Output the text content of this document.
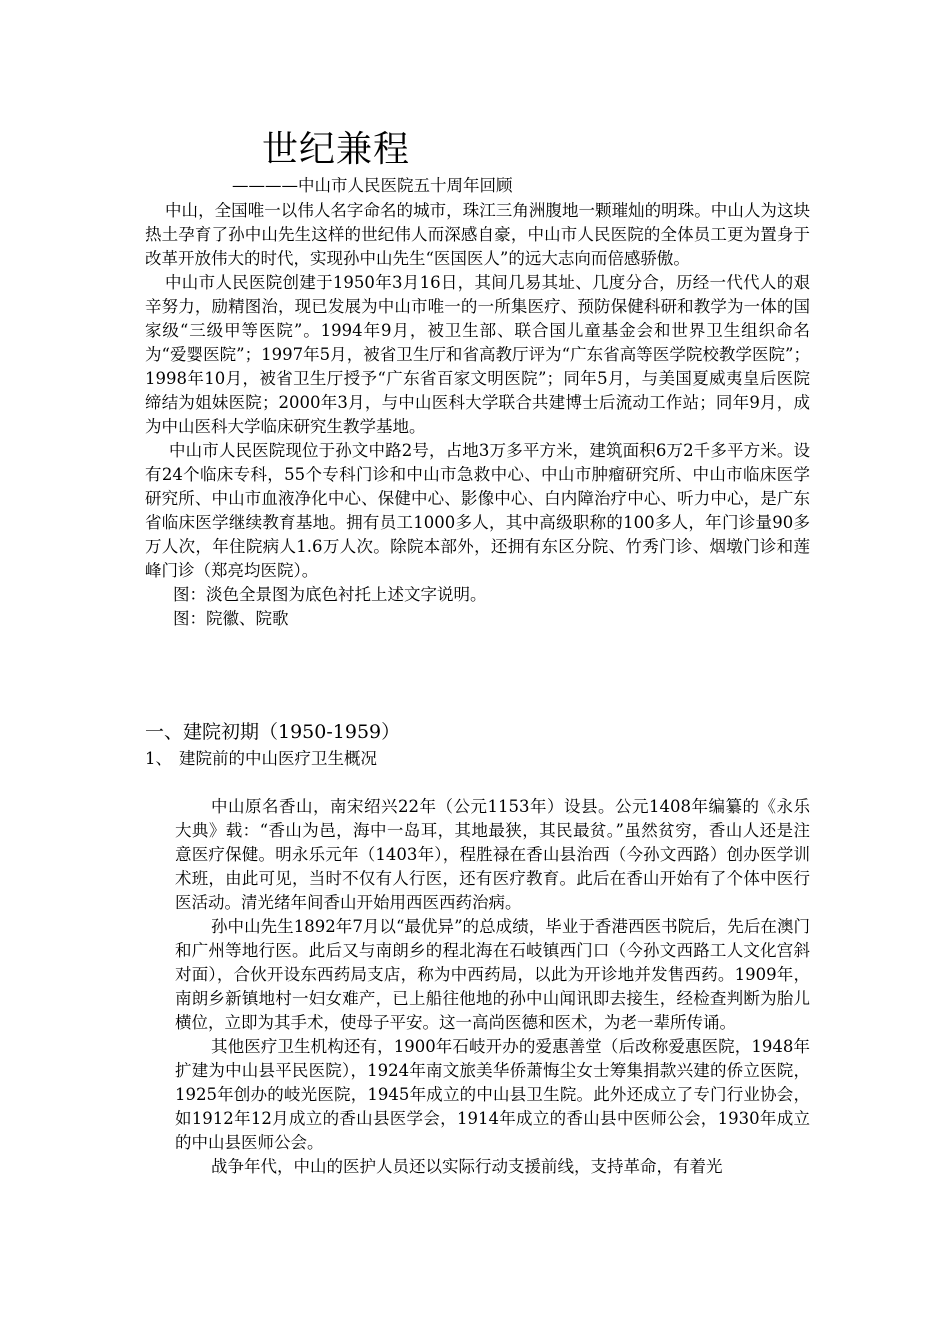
世纪兼程
————中山市人民医院五十周年回顾

中山，全国唯一以伟人名字命名的城市，珠江三角洲腹地一颗璀灿的明珠。中山人为这块热土孕育了孙中山先生这样的世纪伟人而深感自豪，中山市人民医院的全体员工更为置身于改革开放伟大的时代，实现孙中山先生“医国医人”的远大志向而倍感骄傲。

中山市人民医院创建于1950年3月16日，其间几易其址、几度分合，历经一代代人的艰辛努力，励精图治，现已发展为中山市唯一的一所集医疗、预防保健科研和教学为一体的国家级“三级甲等医院”。1994年9月，被卫生部、联合国儿童基金会和世界卫生组织命名为“爱婴医院”；1997年5月，被省卫生厅和省高教厅评为“广东省高等医学院校教学医院”；1998年10月，被省卫生厅授予“广东省百家文明医院”；同年5月，与美国夏威夷皇后医院缔结为姐妹医院；2000年3月，与中山医科大学联合共建博士后流动工作站；同年9月，成为中山医科大学临床研究生教学基地。

中山市人民医院现位于孙文中路2号，占地3万多平方米，建筑面积6万2千多平方米。设有24个临床专科，55个专科门诊和中山市急救中心、中山市肿瘤研究所、中山市临床医学研究所、中山市血液净化中心、保健中心、影像中心、白内障治疗中心、听力中心，是广东省临床医学继续教育基地。拥有员工1000多人，其中高级职称的100多人，年门诊量90多万人次，年住院病人1.6万人次。除院本部外，还拥有东区分院、竹秀门诊、烟墩门诊和莲峰门诊（郑亮均医院）。

图：淡色全景图为底色衬托上述文字说明。

图：院徽、院歌

一、建院初期（1950-1959）
1、 建院前的中山医疗卫生概况

中山原名香山，南宋绍兴22年（公元1153年）设县。公元1408年编纂的《永乐大典》载：“香山为邑，海中一岛耳，其地最狭，其民最贫。”虽然贫穷，香山人还是注意医疗保健。明永乐元年（1403年），程胜禄在香山县治西（今孙文西路）创办医学训术班，由此可见，当时不仅有人行医，还有医疗教育。此后在香山开始有了个体中医行医活动。清光绪年间香山开始用西医西药治病。

孙中山先生1892年7月以“最优异”的总成绩，毕业于香港西医书院后，先后在澳门和广州等地行医。此后又与南朗乡的程北海在石岐镇西门口（今孙文西路工人文化宫斜对面），合伙开设东西药局支店，称为中西药局，以此为开诊地并发售西药。1909年，南朗乡新镇地村一妇女难产，已上船往他地的孙中山闻讯即去接生，经检查判断为胎儿横位，立即为其手术，使母子平安。这一高尚医德和医术，为老一辈所传诵。

其他医疗卫生机构还有，1900年石岐开办的爱惠善堂（后改称爱惠医院，1948年扩建为中山县平民医院），1924年南文旅美华侨萧悔尘女士筹集捐款兴建的侨立医院，1925年创办的岐光医院，1945年成立的中山县卫生院。此外还成立了专门行业协会，如1912年12月成立的香山县医学会，1914年成立的香山县中医师公会，1930年成立的中山县医师公会。

战争年代，中山的医护人员还以实际行动支援前线，支持革命，有着光
